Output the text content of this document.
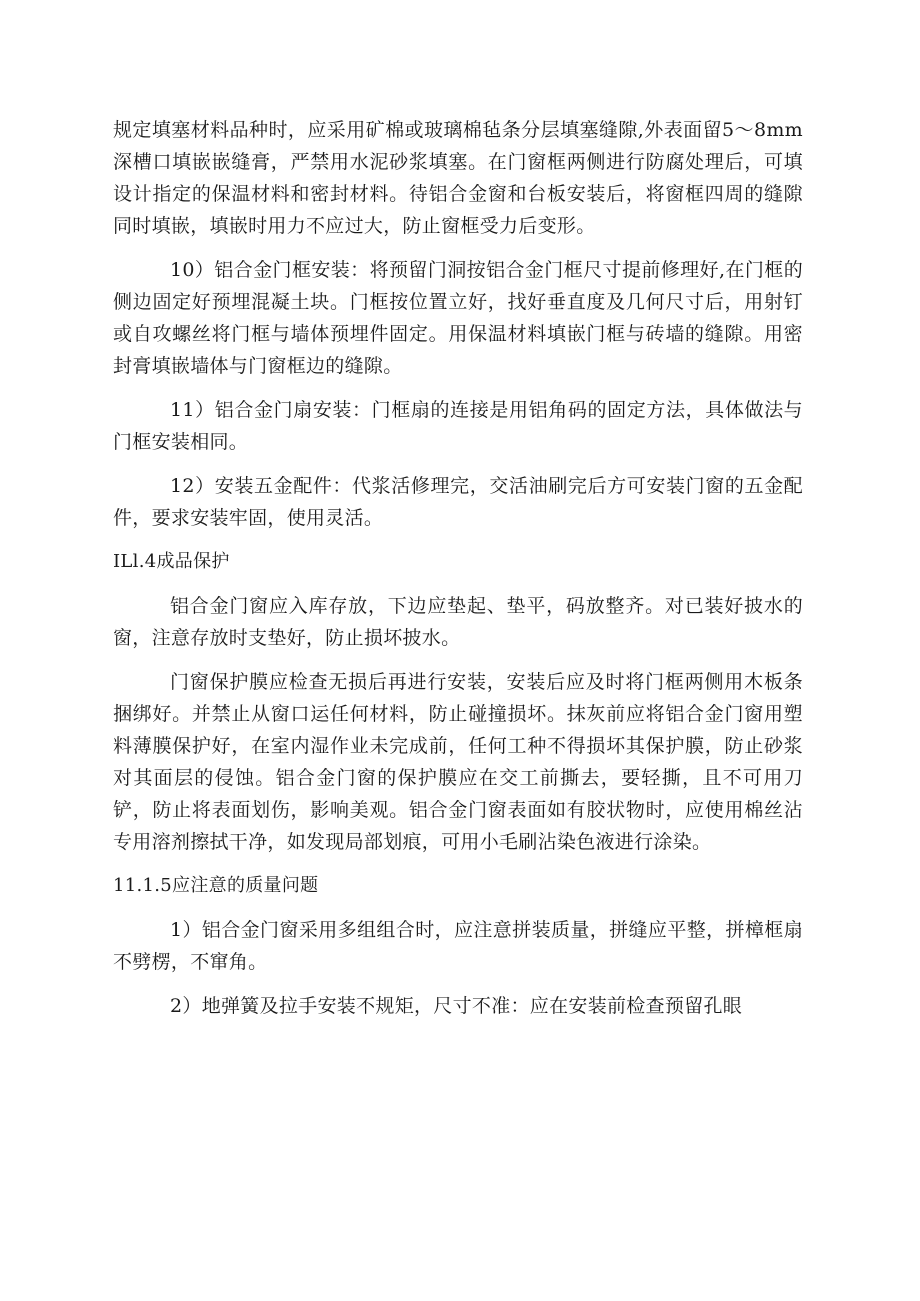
规定填塞材料品种时，应采用矿棉或玻璃棉毡条分层填塞缝隙,外表面留5～8mm深槽口填嵌嵌缝膏，严禁用水泥砂浆填塞。在门窗框两侧进行防腐处理后，可填设计指定的保温材料和密封材料。待铝合金窗和台板安装后，将窗框四周的缝隙同时填嵌，填嵌时用力不应过大，防止窗框受力后变形。

10）铝合金门框安装：将预留门洞按铝合金门框尺寸提前修理好,在门框的侧边固定好预埋混凝土块。门框按位置立好，找好垂直度及几何尺寸后，用射钉或自攻螺丝将门框与墙体预埋件固定。用保温材料填嵌门框与砖墙的缝隙。用密封膏填嵌墙体与门窗框边的缝隙。

11）铝合金门扇安装：门框扇的连接是用铝角码的固定方法，具体做法与门框安装相同。

12）安装五金配件：代浆活修理完，交活油刷完后方可安装门窗的五金配件，要求安装牢固，使用灵活。

ILl.4成品保护

铝合金门窗应入库存放，下边应垫起、垫平，码放整齐。对已装好披水的窗，注意存放时支垫好，防止损坏披水。

门窗保护膜应检查无损后再进行安装，安装后应及时将门框两侧用木板条捆绑好。并禁止从窗口运任何材料，防止碰撞损坏。抹灰前应将铝合金门窗用塑料薄膜保护好，在室内湿作业未完成前，任何工种不得损坏其保护膜，防止砂浆对其面层的侵蚀。铝合金门窗的保护膜应在交工前撕去，要轻撕，且不可用刀铲，防止将表面划伤，影响美观。铝合金门窗表面如有胶状物时，应使用棉丝沾专用溶剂擦拭干净，如发现局部划痕，可用小毛刷沾染色液进行涂染。

11.1.5应注意的质量问题

1）铝合金门窗采用多组组合时，应注意拼装质量，拼缝应平整，拼樟框扇不劈楞，不窜角。

2）地弹簧及拉手安装不规矩，尺寸不准：应在安装前检查预留孔眼
